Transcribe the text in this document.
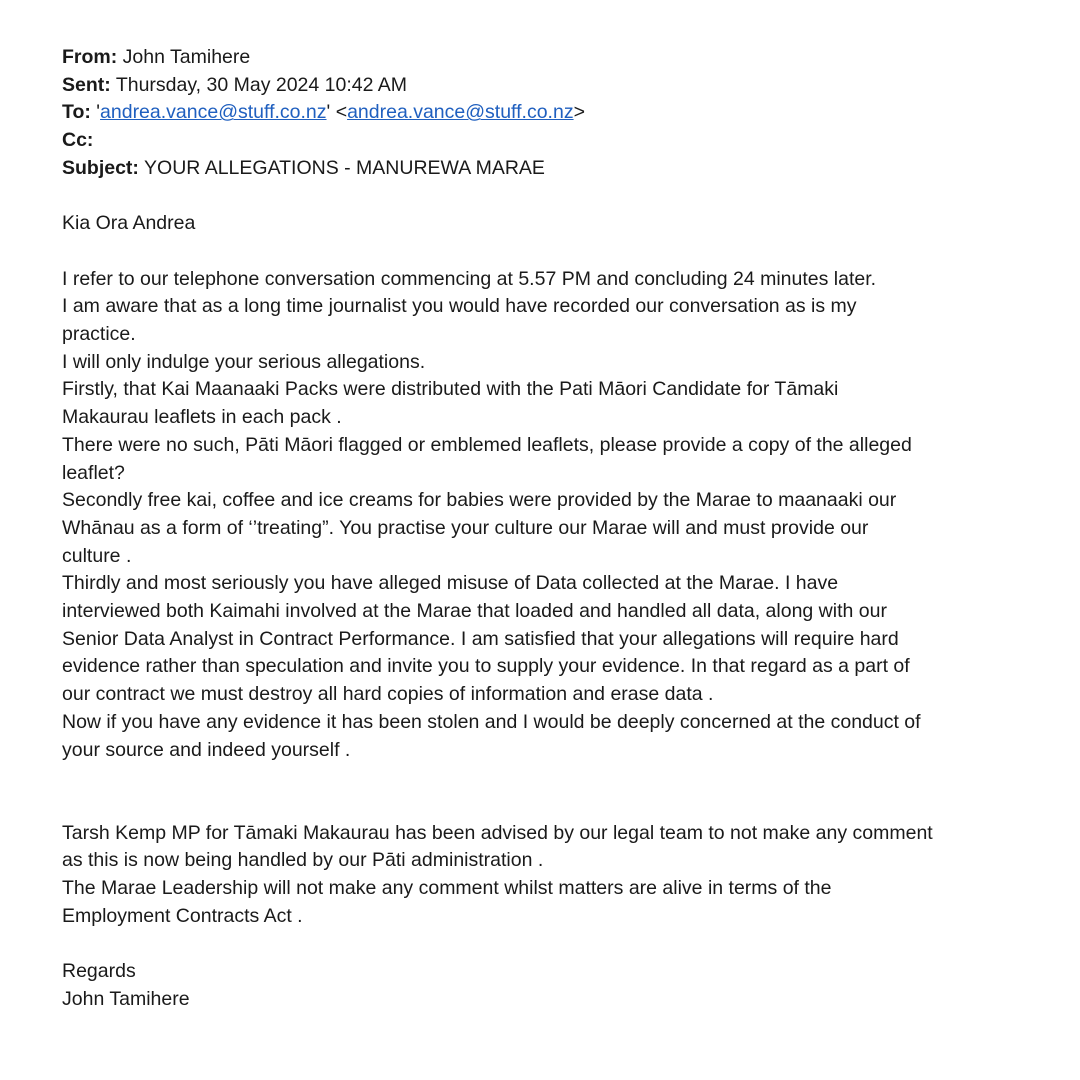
From: John Tamihere
Sent: Thursday, 30 May 2024 10:42 AM
To: 'andrea.vance@stuff.co.nz' <andrea.vance@stuff.co.nz>
Cc:
Subject: YOUR ALLEGATIONS - MANUREWA MARAE
Kia Ora Andrea
I refer to our telephone conversation commencing at 5.57 PM and concluding 24 minutes later.
I am aware that as a long time journalist you would have recorded our conversation as is my
practice.
I will only indulge your serious allegations.
Firstly, that Kai Maanaaki Packs were distributed with the Pati Māori Candidate for Tāmaki
Makaurau leaflets in each pack .
There were no such, Pāti Māori flagged or emblemed leaflets, please provide a copy of the alleged
leaflet?
Secondly free kai, coffee and ice creams for babies were provided by the Marae to maanaaki our
Whānau as a form of ‘’treating”. You practise your culture our Marae will and must provide our
culture .
Thirdly and most seriously you have alleged misuse of Data collected at the Marae. I have
interviewed both Kaimahi involved at the Marae that loaded and handled all data, along with our
Senior Data Analyst in Contract Performance. I am satisfied that your allegations will require hard
evidence rather than speculation and invite you to supply your evidence. In that regard as a part of
our contract we must destroy all hard copies of information and erase data .
Now if you have any evidence it has been stolen and I would be deeply concerned at the conduct of
your source and indeed yourself .
Tarsh Kemp MP for Tāmaki Makaurau has been advised by our legal team to not make any comment
as this is now being handled by our Pāti administration .
The Marae Leadership will not make any comment whilst matters are alive in terms of the
Employment Contracts Act .
Regards
John Tamihere
